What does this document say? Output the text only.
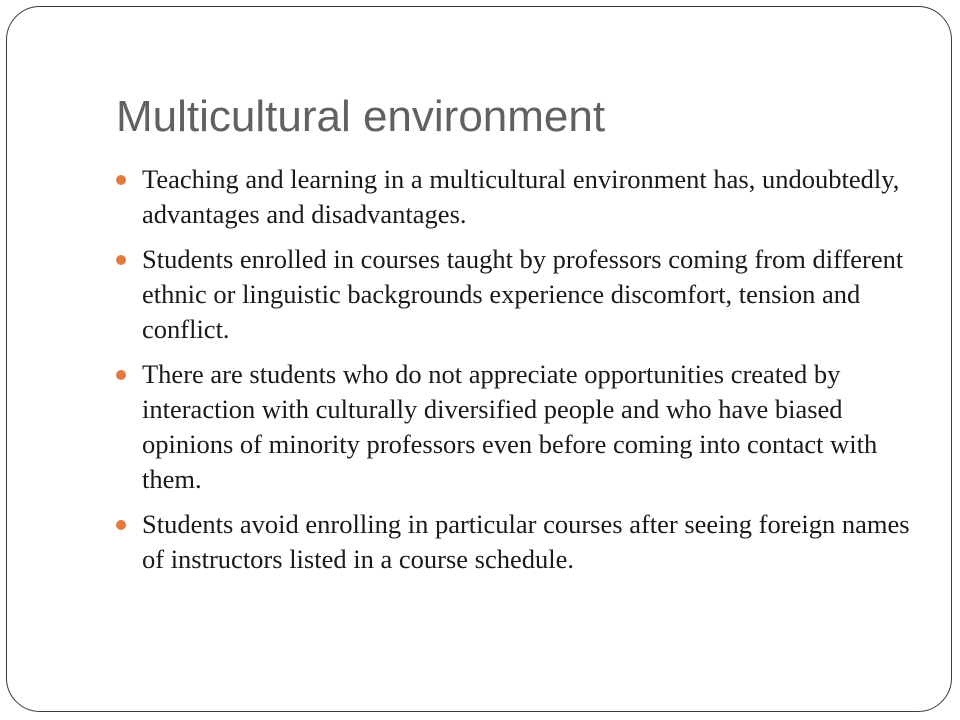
Multicultural environment
Teaching and learning in a multicultural environment has, undoubtedly, advantages and disadvantages.
Students enrolled in courses taught by professors coming from different ethnic or linguistic backgrounds experience discomfort, tension and conflict.
There are students who do not appreciate opportunities created by interaction with culturally diversified people and who have biased opinions of minority professors even before coming into contact with them.
Students avoid enrolling in particular courses after seeing foreign names of instructors listed in a course schedule.
